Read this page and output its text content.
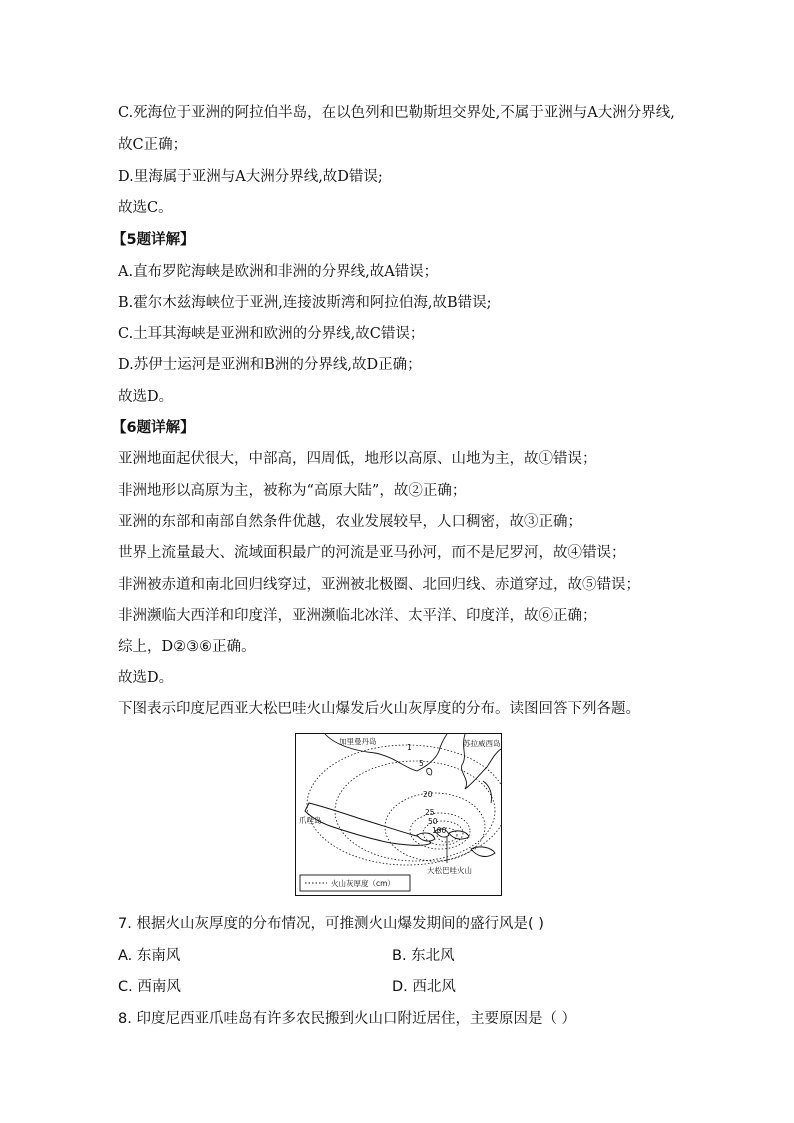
C.死海位于亚洲的阿拉伯半岛，在以色列和巴勒斯坦交界处,不属于亚洲与A大洲分界线,
故C正确；
D.里海属于亚洲与A大洲分界线,故D错误;
故选C。
【5题详解】
A.直布罗陀海峡是欧洲和非洲的分界线,故A错误；
B.霍尔木兹海峡位于亚洲,连接波斯湾和阿拉伯海,故B错误;
C.土耳其海峡是亚洲和欧洲的分界线,故C错误；
D.苏伊士运河是亚洲和B洲的分界线,故D正确；
故选D。
【6题详解】
亚洲地面起伏很大，中部高，四周低，地形以高原、山地为主，故①错误；
非洲地形以高原为主，被称为“高原大陆”，故②正确；
亚洲的东部和南部自然条件优越，农业发展较早，人口稠密，故③正确；
世界上流量最大、流域面积最广的河流是亚马孙河，而不是尼罗河，故④错误；
非洲被赤道和南北回归线穿过，亚洲被北极圈、北回归线、赤道穿过，故⑤错误；
非洲濒临大西洋和印度洋，亚洲濒临北冰洋、太平洋、印度洋，故⑥正确；
综上，D②③⑥正确。
故选D。
下图表示印度尼西亚大松巴哇火山爆发后火山灰厚度的分布。读图回答下列各题。
加里曼丹岛	苏拉威西岛
爪哇岛
大松巴哇火山
1
5
20
25
50
100
火山灰厚度（cm）
7. 根据火山灰厚度的分布情况，可推测火山爆发期间的盛行风是( )
A. 东南风	B. 东北风
C. 西南风	D. 西北风
8. 印度尼西亚爪哇岛有许多农民搬到火山口附近居住，主要原因是（ ）
